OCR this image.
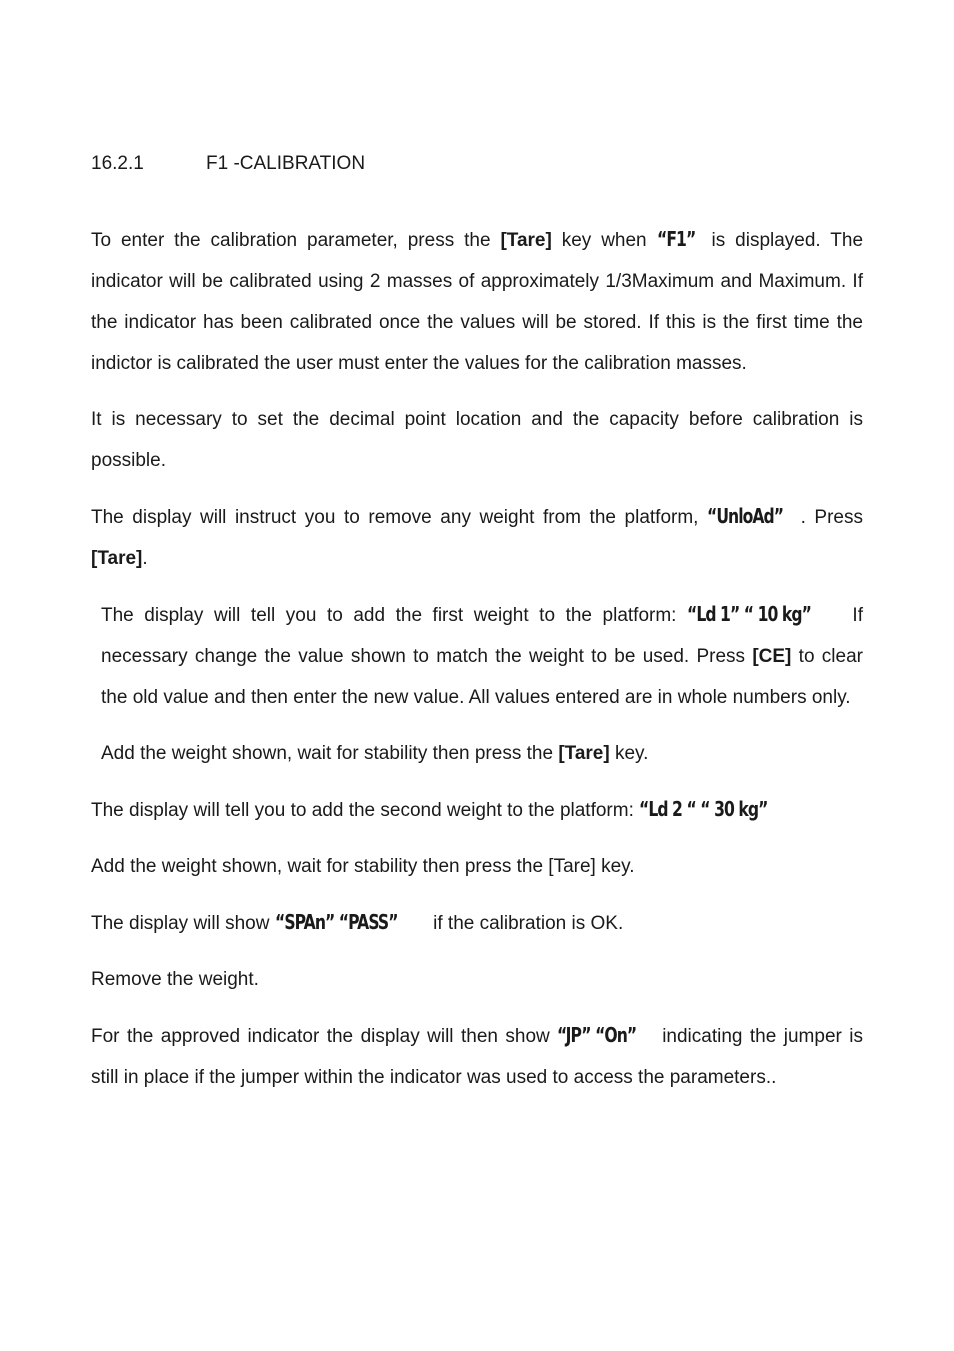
16.2.1	F1 -CALIBRATION

To enter the calibration parameter, press the [Tare] key when “F1” is displayed. The indicator will be calibrated using 2 masses of approximately 1/3Maximum and Maximum. If the indicator has been calibrated once the values will be stored. If this is the first time the indictor is calibrated the user must enter the values for the calibration masses.

It is necessary to set the decimal point location and the capacity before calibration is possible.

The display will instruct you to remove any weight from the platform, “UnloAd” . Press [Tare].

The display will tell you to add the first weight to the platform: “Ld 1” “ 10 kg” If necessary change the value shown to match the weight to be used. Press [CE] to clear the old value and then enter the new value. All values entered are in whole numbers only.

Add the weight shown, wait for stability then press the [Tare] key.

The display will tell you to add the second weight to the platform: “Ld 2 “ “ 30 kg”

Add the weight shown, wait for stability then press the [Tare] key.

The display will show “SPAn” “PASS” if the calibration is OK.

Remove the weight.

For the approved indicator the display will then show “JP” “On” indicating the jumper is still in place if the jumper within the indicator was used to access the parameters..
